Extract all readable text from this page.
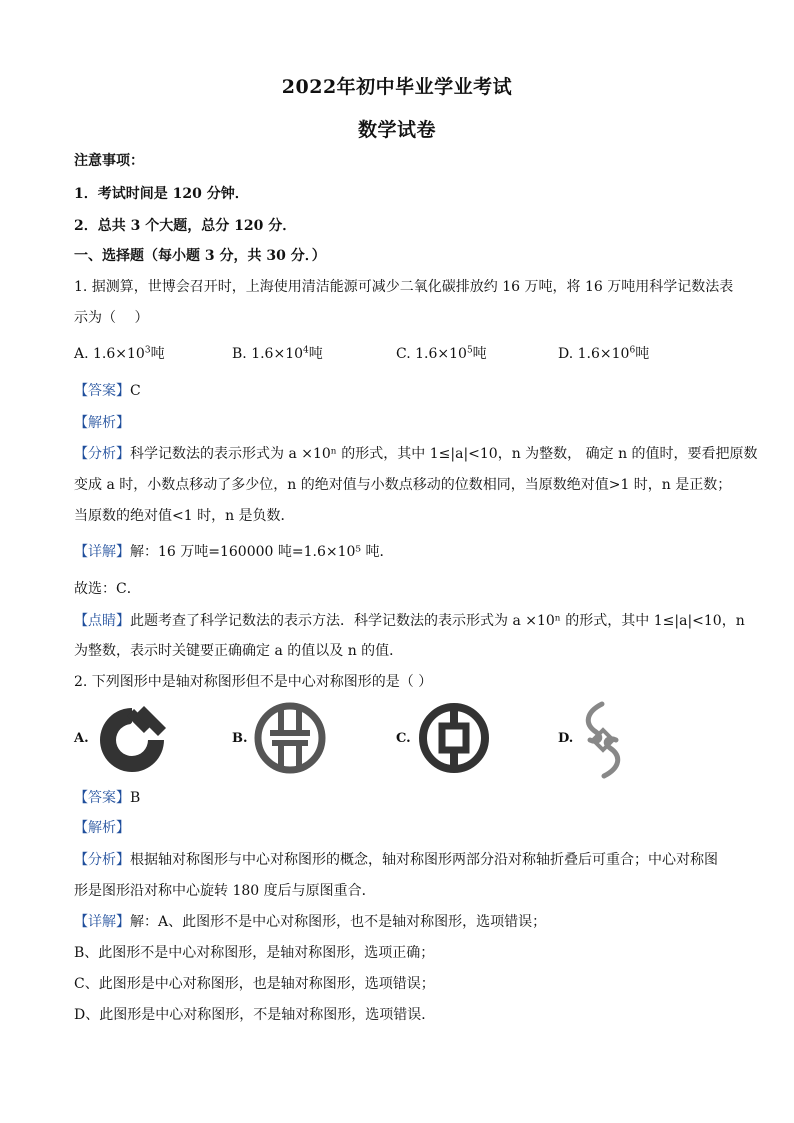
2022年初中毕业学业考试
数学试卷
注意事项：
1．考试时间是 120 分钟．
2．总共 3 个大题，总分 120 分．
一、选择题（每小题 3 分，共 30 分．）
1. 据测算，世博会召开时，上海使用清洁能源可减少二氧化碳排放约 16 万吨，将 16 万吨用科学记数法表
示为（　 ）
A. $1.6\times 10^3$吨	B. $1.6\times 10^4$吨	C. $1.6\times 10^5$吨	D. $1.6\times 10^6$吨
【答案】C
【解析】
【分析】科学记数法的表示形式为 a ×10ⁿ 的形式，其中 1≤|a|<10，n 为整数， 确定 n 的值时，要看把原数
变成 a 时，小数点移动了多少位，n 的绝对值与小数点移动的位数相同，当原数绝对值>1 时，n 是正数；
当原数的绝对值<1 时，n 是负数．
【详解】解：16 万吨=160000 吨=1.6×10⁵ 吨．
故选：C．
【点睛】此题考查了科学记数法的表示方法．科学记数法的表示形式为 a ×10ⁿ 的形式，其中 1≤|a|<10，n
为整数，表示时关键要正确确定 a 的值以及 n 的值．
2. 下列图形中是轴对称图形但不是中心对称图形的是（ ）
A.	B.	C.	D.
【答案】B
【解析】
【分析】根据轴对称图形与中心对称图形的概念，轴对称图形两部分沿对称轴折叠后可重合；中心对称图
形是图形沿对称中心旋转 180 度后与原图重合．
【详解】解：A、此图形不是中心对称图形，也不是轴对称图形，选项错误；
B、此图形不是中心对称图形，是轴对称图形，选项正确；
C、此图形是中心对称图形，也是轴对称图形，选项错误；
D、此图形是中心对称图形，不是轴对称图形，选项错误．
